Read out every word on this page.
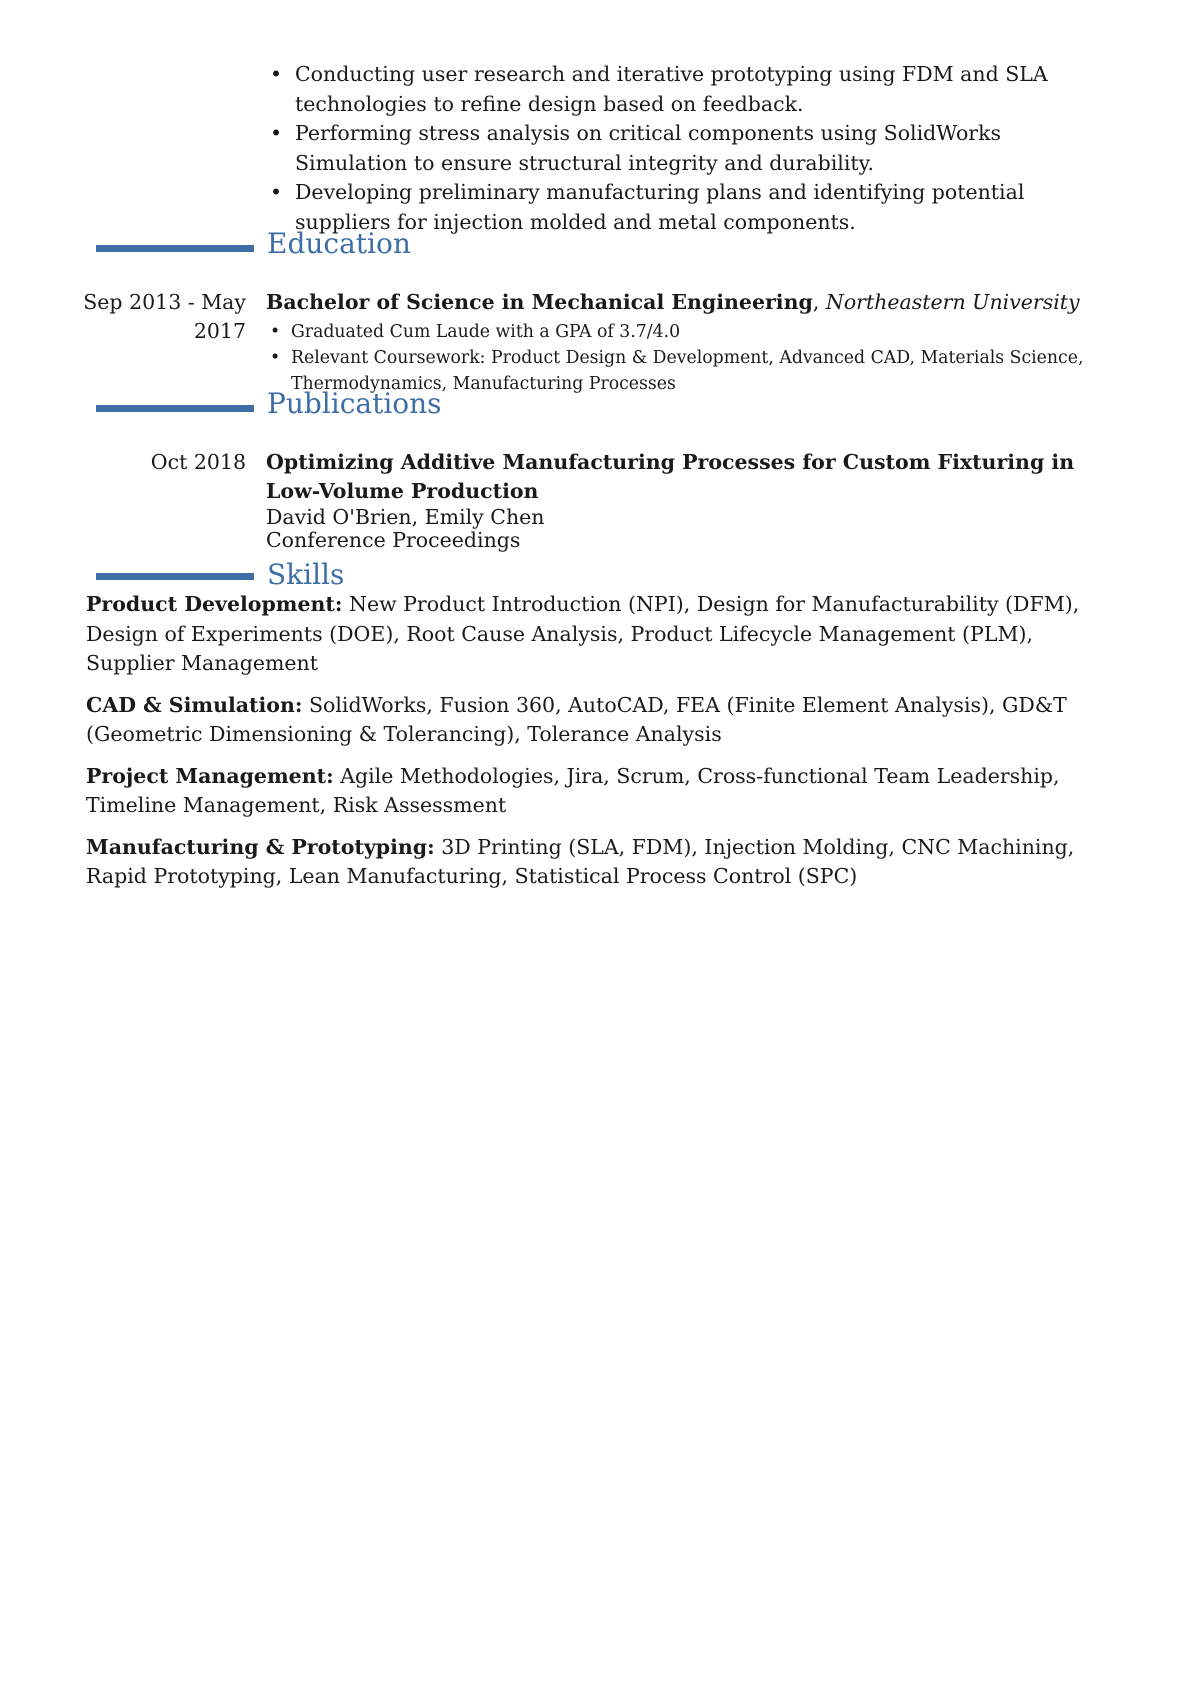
• Conducting user research and iterative prototyping using FDM and SLA technologies to refine design based on feedback.
• Performing stress analysis on critical components using SolidWorks Simulation to ensure structural integrity and durability.
• Developing preliminary manufacturing plans and identifying potential suppliers for injection molded and metal components.
Education
Sep 2013 - May 2017
Bachelor of Science in Mechanical Engineering, Northeastern University
• Graduated Cum Laude with a GPA of 3.7/4.0
• Relevant Coursework: Product Design & Development, Advanced CAD, Materials Science, Thermodynamics, Manufacturing Processes
Publications
Oct 2018 Optimizing Additive Manufacturing Processes for Custom Fixturing in Low-Volume Production
David O'Brien, Emily Chen
Conference Proceedings
Skills

Product Development: New Product Introduction (NPI), Design for Manufacturability (DFM), Design of Experiments (DOE), Root Cause Analysis, Product Lifecycle Management (PLM), Supplier Management

CAD & Simulation: SolidWorks, Fusion 360, AutoCAD, FEA (Finite Element Analysis), GD&T (Geometric Dimensioning & Tolerancing), Tolerance Analysis

Project Management: Agile Methodologies, Jira, Scrum, Cross-functional Team Leadership, Timeline Management, Risk Assessment

Manufacturing & Prototyping: 3D Printing (SLA, FDM), Injection Molding, CNC Machining, Rapid Prototyping, Lean Manufacturing, Statistical Process Control (SPC)
